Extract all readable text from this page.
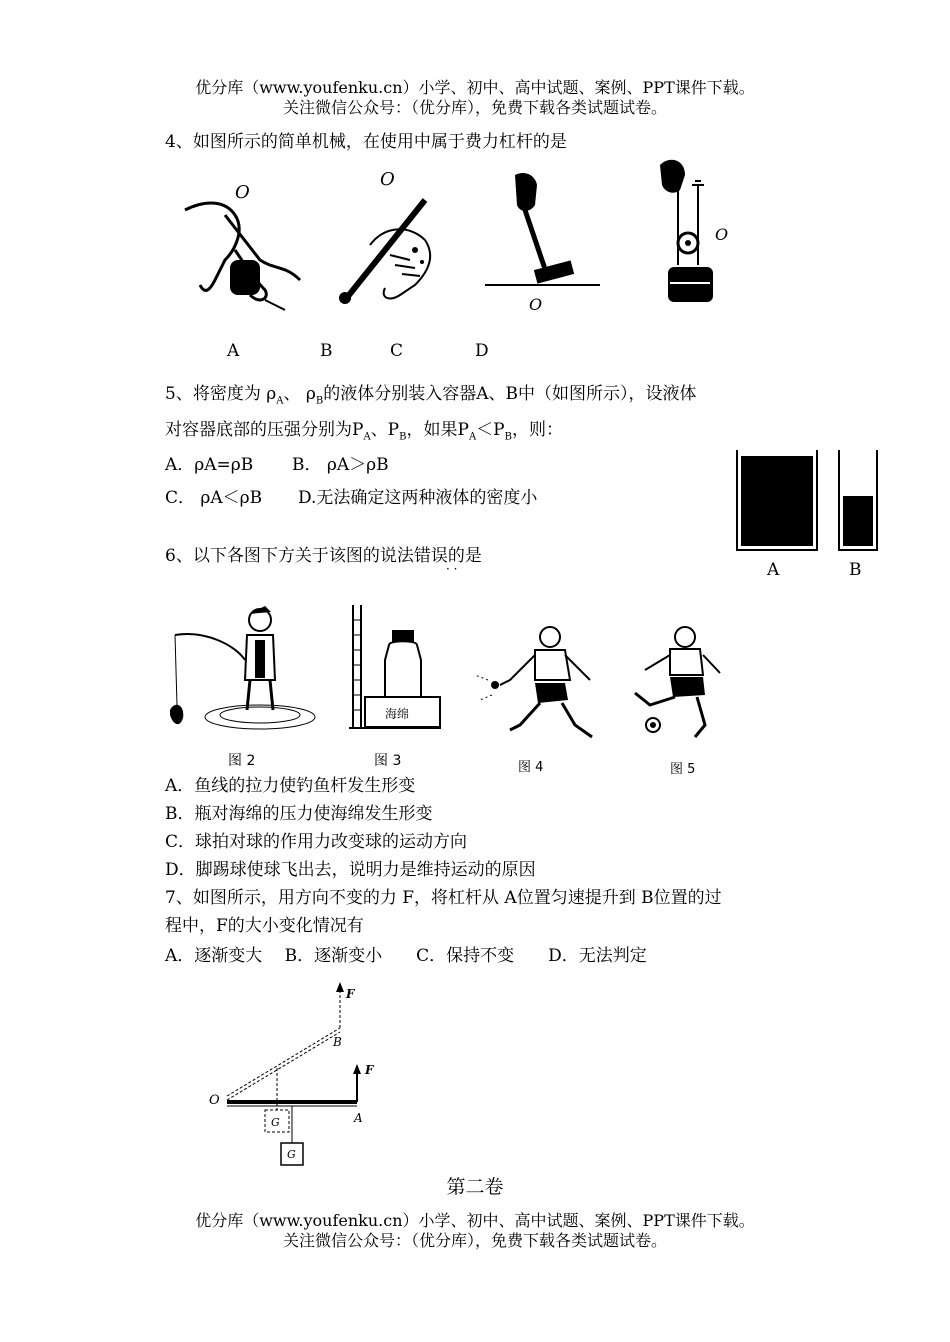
优分库（www.youfenku.cn）小学、初中、高中试题、案例、PPT课件下载。
关注微信公众号：（优分库），免费下载各类试题试卷。
4、如图所示的简单机械，在使用中属于费力杠杆的是
O
O
O
O
A	B	C	D
5、将密度为 $\rho_A$、 $\rho_B$的液体分别装入容器A、B中（如图所示），设液体
对容器底部的压强分别为$P_A$、$P_B$，如果$P_A<P_B$，则：
A．ρA=ρB B． ρA＞ρB
C． ρA＜ρB D.无法确定这两种液体的密度小
A	B
6、以下各图下方关于该图的说法错误的是
· ·
海绵
图 2	图 3	图 4	图 5
A．鱼线的拉力使钓鱼杆发生形变
B．瓶对海绵的压力使海绵发生形变
C．球拍对球的作用力改变球的运动方向
D．脚踢球使球飞出去，说明力是维持运动的原因
7、如图所示，用方向不变的力 F，将杠杆从 A位置匀速提升到 B位置的过
程中，F的大小变化情况有
A．逐渐变大　 B．逐渐变小　　C．保持不变　　D．无法判定
F
B
F
A
O
G
G
第二卷
优分库（www.youfenku.cn）小学、初中、高中试题、案例、PPT课件下载。
关注微信公众号：（优分库），免费下载各类试题试卷。
